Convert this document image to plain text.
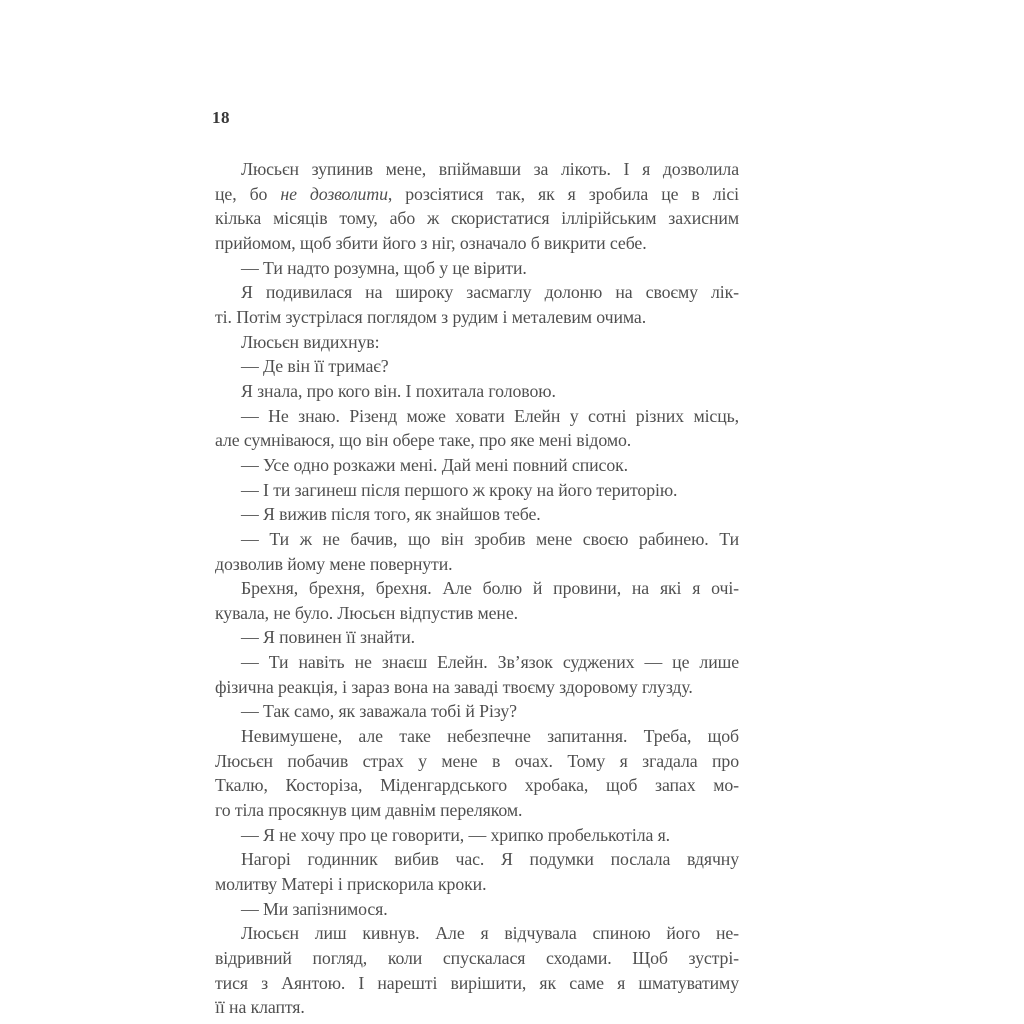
18
Люсьєн зупинив мене, впіймавши за лікоть. І я дозволила
це, бо не дозволити, розсіятися так, як я зробила це в лісі
кілька місяців тому, або ж скористатися іллірійським захисним
прийомом, щоб збити його з ніг, означало б викрити себе.
— Ти надто розумна, щоб у це вірити.
Я подивилася на широку засмаглу долоню на своєму лік-
ті. Потім зустрілася поглядом з рудим і металевим очима.
Люсьєн видихнув:
— Де він її тримає?
Я знала, про кого він. І похитала головою.
— Не знаю. Різенд може ховати Елейн у сотні різних місць,
але сумніваюся, що він обере таке, про яке мені відомо.
— Усе одно розкажи мені. Дай мені повний список.
— І ти загинеш після першого ж кроку на його територію.
— Я вижив після того, як знайшов тебе.
— Ти ж не бачив, що він зробив мене своєю рабинею. Ти
дозволив йому мене повернути.
Брехня, брехня, брехня. Але болю й провини, на які я очі-
кувала, не було. Люсьєн відпустив мене.
— Я повинен її знайти.
— Ти навіть не знаєш Елейн. Зв’язок суджених — це лише
фізична реакція, і зараз вона на заваді твоєму здоровому глузду.
— Так само, як заважала тобі й Різу?
Невимушене, але таке небезпечне запитання. Треба, щоб
Люсьєн побачив страх у мене в очах. Тому я згадала про
Ткалю, Косторіза, Міденгардського хробака, щоб запах мо-
го тіла просякнув цим давнім переляком.
— Я не хочу про це говорити, — хрипко пробелькотіла я.
Нагорі годинник вибив час. Я подумки послала вдячну
молитву Матері і прискорила кроки.
— Ми запізнимося.
Люсьєн лиш кивнув. Але я відчувала спиною його не-
відривний погляд, коли спускалася сходами. Щоб зустрі-
тися з Аянтою. І нарешті вирішити, як саме я шматуватиму
її на клаптя.
